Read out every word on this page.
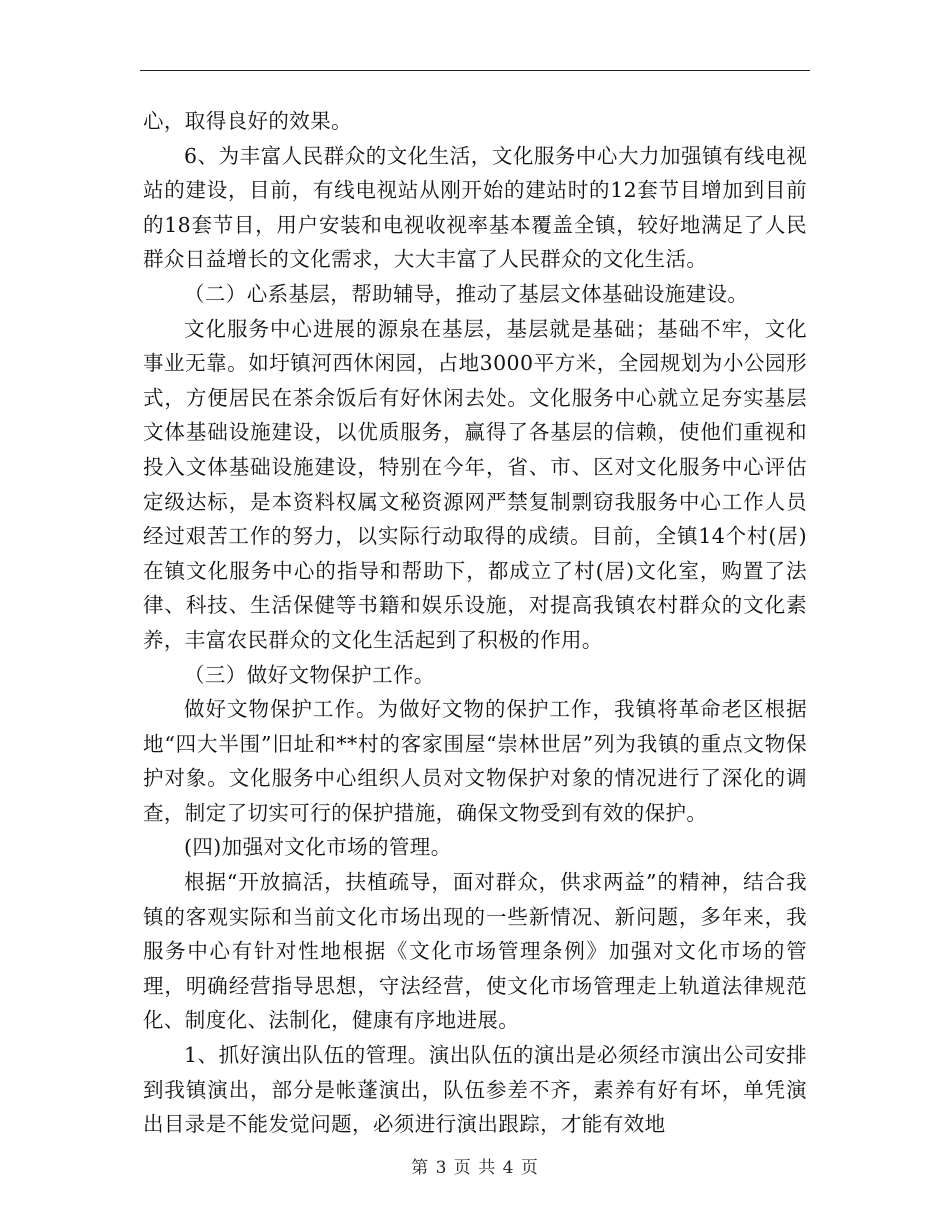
心，取得良好的效果。

6、为丰富人民群众的文化生活，文化服务中心大力加强镇有线电视站的建设，目前，有线电视站从刚开始的建站时的12套节目增加到目前的18套节目，用户安装和电视收视率基本覆盖全镇，较好地满足了人民群众日益增长的文化需求，大大丰富了人民群众的文化生活。

（二）心系基层，帮助辅导，推动了基层文体基础设施建设。

文化服务中心进展的源泉在基层，基层就是基础；基础不牢，文化事业无靠。如圩镇河西休闲园，占地3000平方米，全园规划为小公园形式，方便居民在茶余饭后有好休闲去处。文化服务中心就立足夯实基层文体基础设施建设，以优质服务，赢得了各基层的信赖，使他们重视和投入文体基础设施建设，特别在今年，省、市、区对文化服务中心评估定级达标，是本资料权属文秘资源网严禁复制剽窃我服务中心工作人员经过艰苦工作的努力，以实际行动取得的成绩。目前，全镇14个村(居)在镇文化服务中心的指导和帮助下，都成立了村(居)文化室，购置了法律、科技、生活保健等书籍和娱乐设施，对提高我镇农村群众的文化素养，丰富农民群众的文化生活起到了积极的作用。

（三）做好文物保护工作。

做好文物保护工作。为做好文物的保护工作，我镇将革命老区根据地“四大半围”旧址和**村的客家围屋“崇林世居”列为我镇的重点文物保护对象。文化服务中心组织人员对文物保护对象的情况进行了深化的调查，制定了切实可行的保护措施，确保文物受到有效的保护。

(四)加强对文化市场的管理。

根据“开放搞活，扶植疏导，面对群众，供求两益”的精神，结合我镇的客观实际和当前文化市场出现的一些新情况、新问题，多年来，我服务中心有针对性地根据《文化市场管理条例》加强对文化市场的管理，明确经营指导思想，守法经营，使文化市场管理走上轨道法律规范化、制度化、法制化，健康有序地进展。

1、抓好演出队伍的管理。演出队伍的演出是必须经市演出公司安排到我镇演出，部分是帐蓬演出，队伍参差不齐，素养有好有坏，单凭演出目录是不能发觉问题，必须进行演出跟踪，才能有效地

第 3 页 共 4 页
